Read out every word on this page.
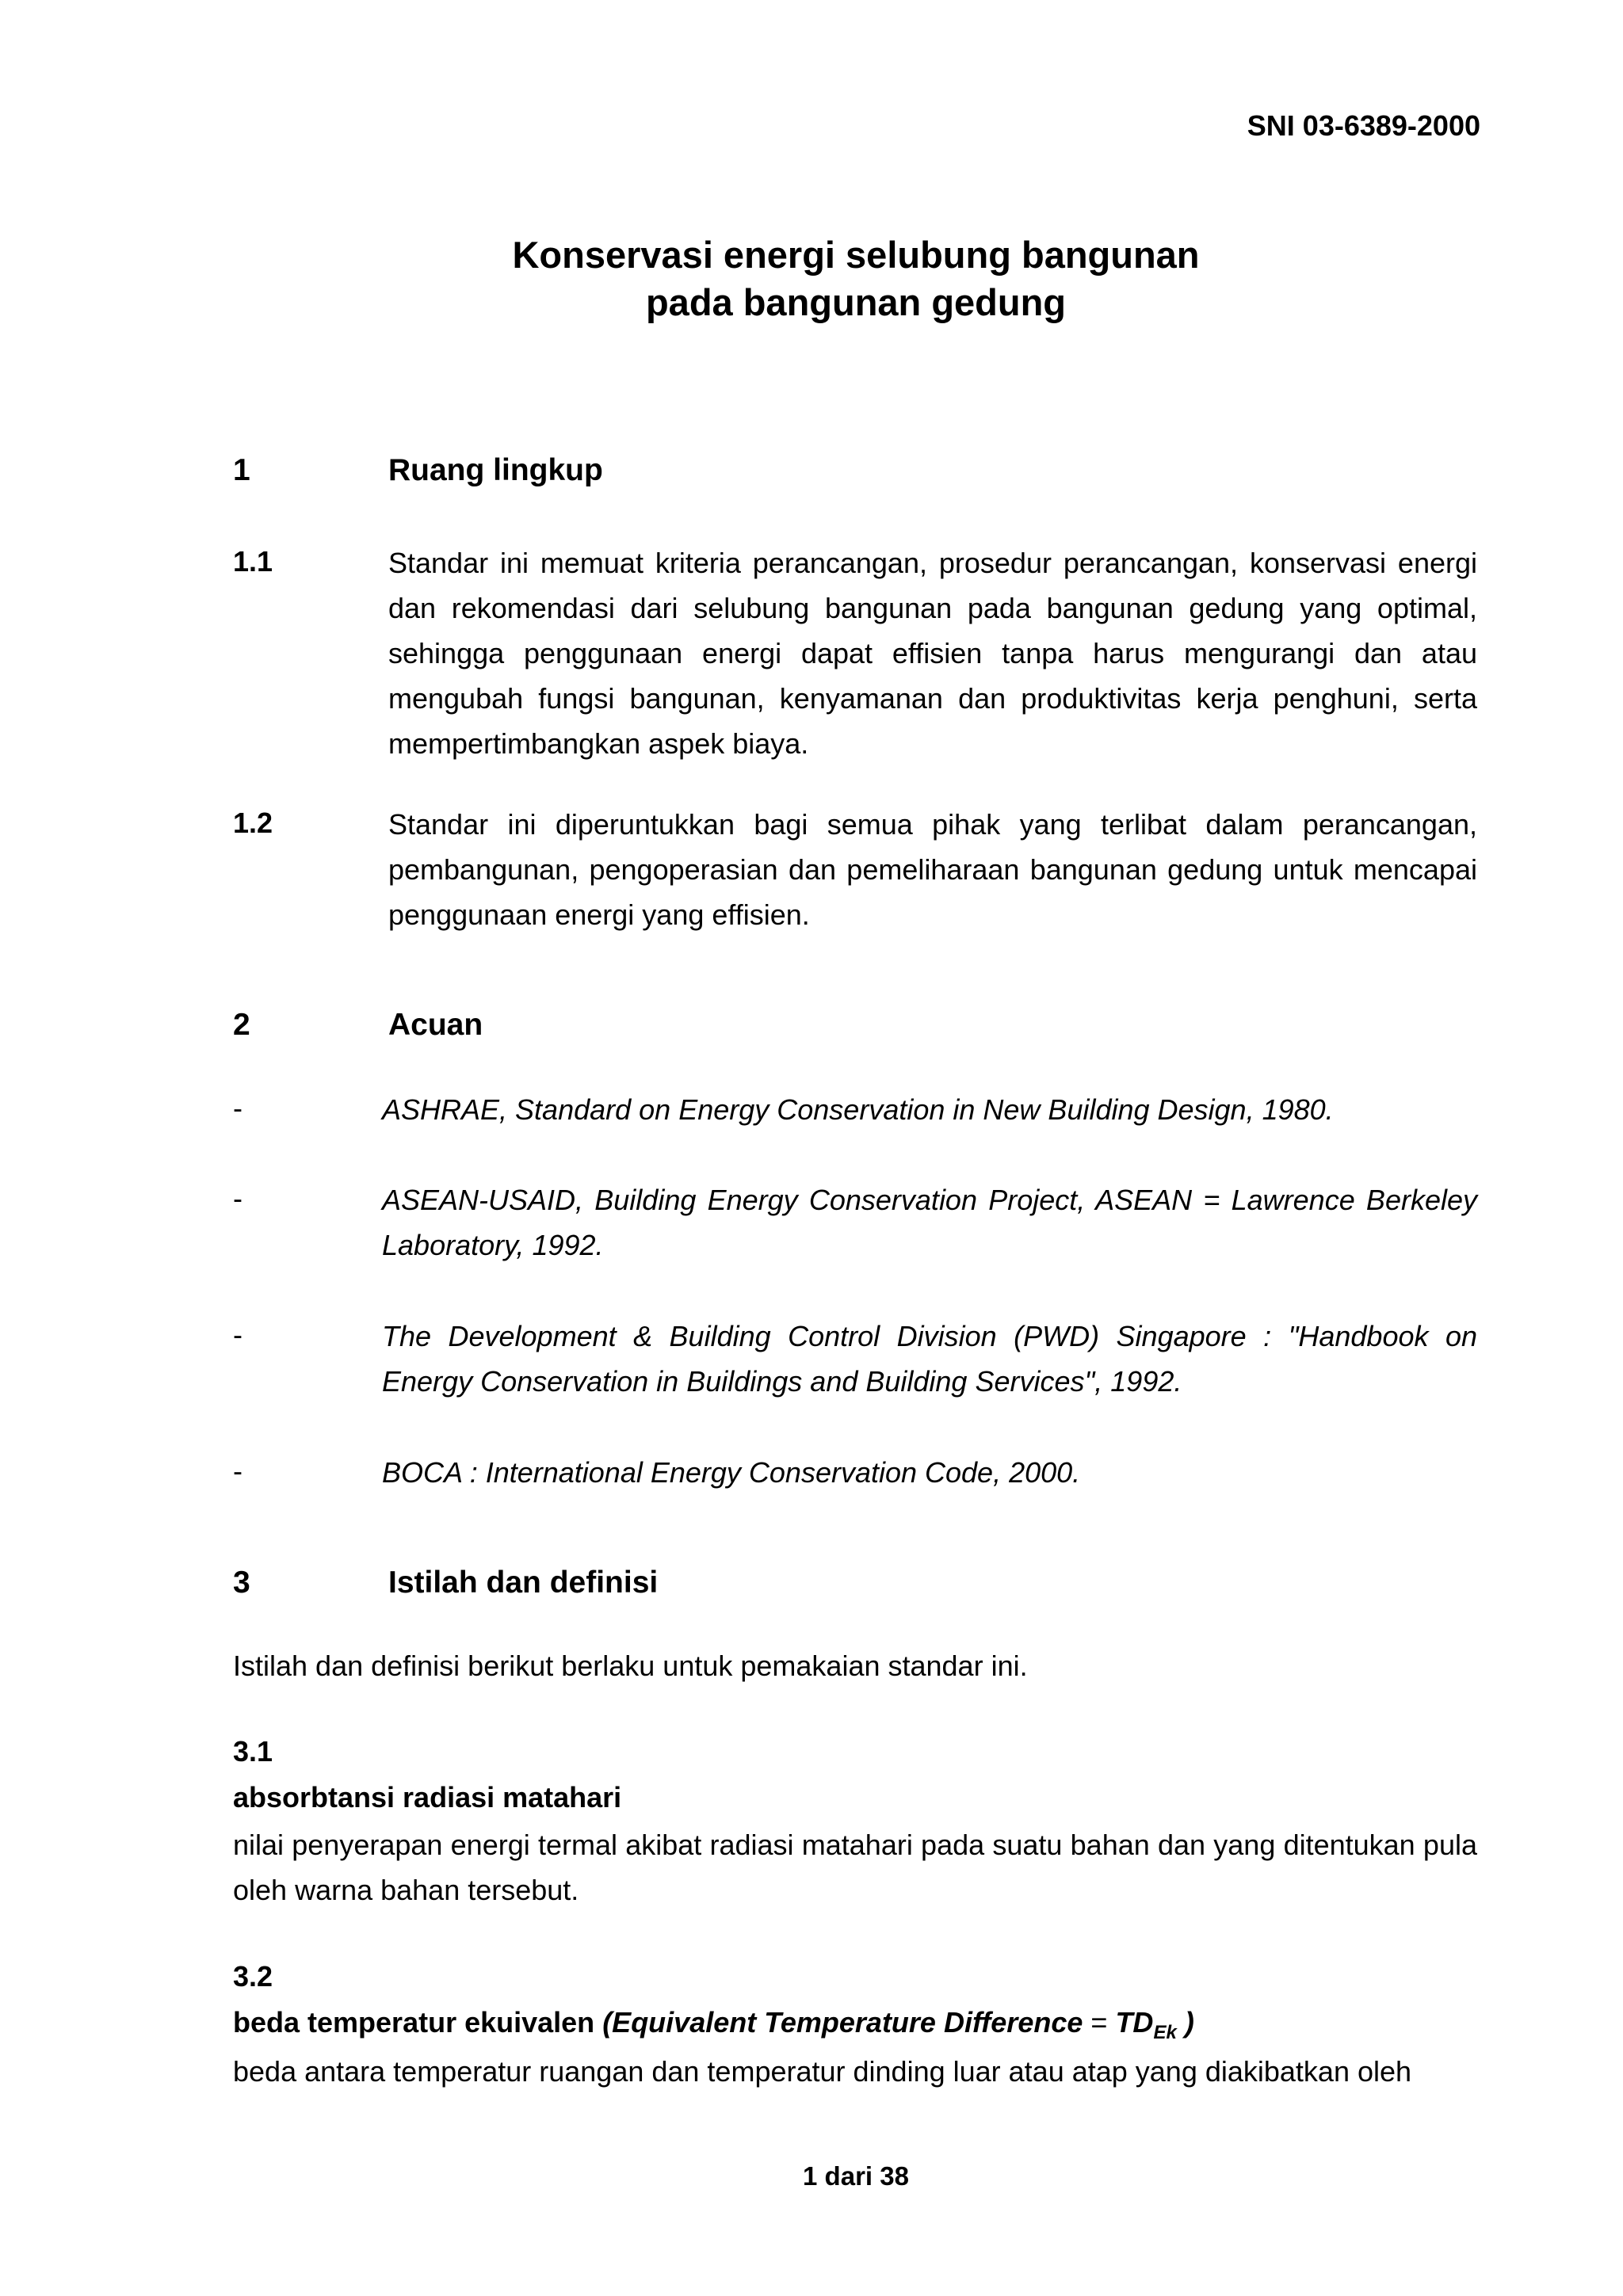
SNI 03-6389-2000
Konservasi energi selubung bangunan
pada bangunan gedung
1	Ruang lingkup
1.1	Standar ini memuat kriteria perancangan, prosedur perancangan, konservasi energi dan rekomendasi dari selubung bangunan pada bangunan gedung yang optimal, sehingga penggunaan energi dapat effisien tanpa harus mengurangi dan atau mengubah fungsi bangunan, kenyamanan dan produktivitas kerja penghuni, serta mempertimbangkan aspek biaya.
1.2	Standar ini diperuntukkan bagi semua pihak yang terlibat dalam perancangan, pembangunan, pengoperasian dan pemeliharaan bangunan gedung untuk mencapai penggunaan energi yang effisien.
2	Acuan
-	ASHRAE, Standard on Energy Conservation in New Building Design, 1980.
-	ASEAN-USAID, Building Energy Conservation Project, ASEAN = Lawrence Berkeley Laboratory, 1992.
-	The Development & Building Control Division (PWD) Singapore : "Handbook on Energy Conservation in Buildings and Building Services", 1992.
-	BOCA : International Energy Conservation Code, 2000.
3	Istilah dan definisi
Istilah dan definisi berikut berlaku untuk pemakaian standar ini.
3.1
absorbtansi radiasi matahari
nilai penyerapan energi termal akibat radiasi matahari pada suatu bahan dan yang ditentukan pula oleh warna bahan tersebut.
3.2
beda temperatur ekuivalen (Equivalent Temperature Difference = $TD_{Ek}$ )
beda antara temperatur ruangan dan temperatur dinding luar atau atap yang diakibatkan oleh
1 dari 38
